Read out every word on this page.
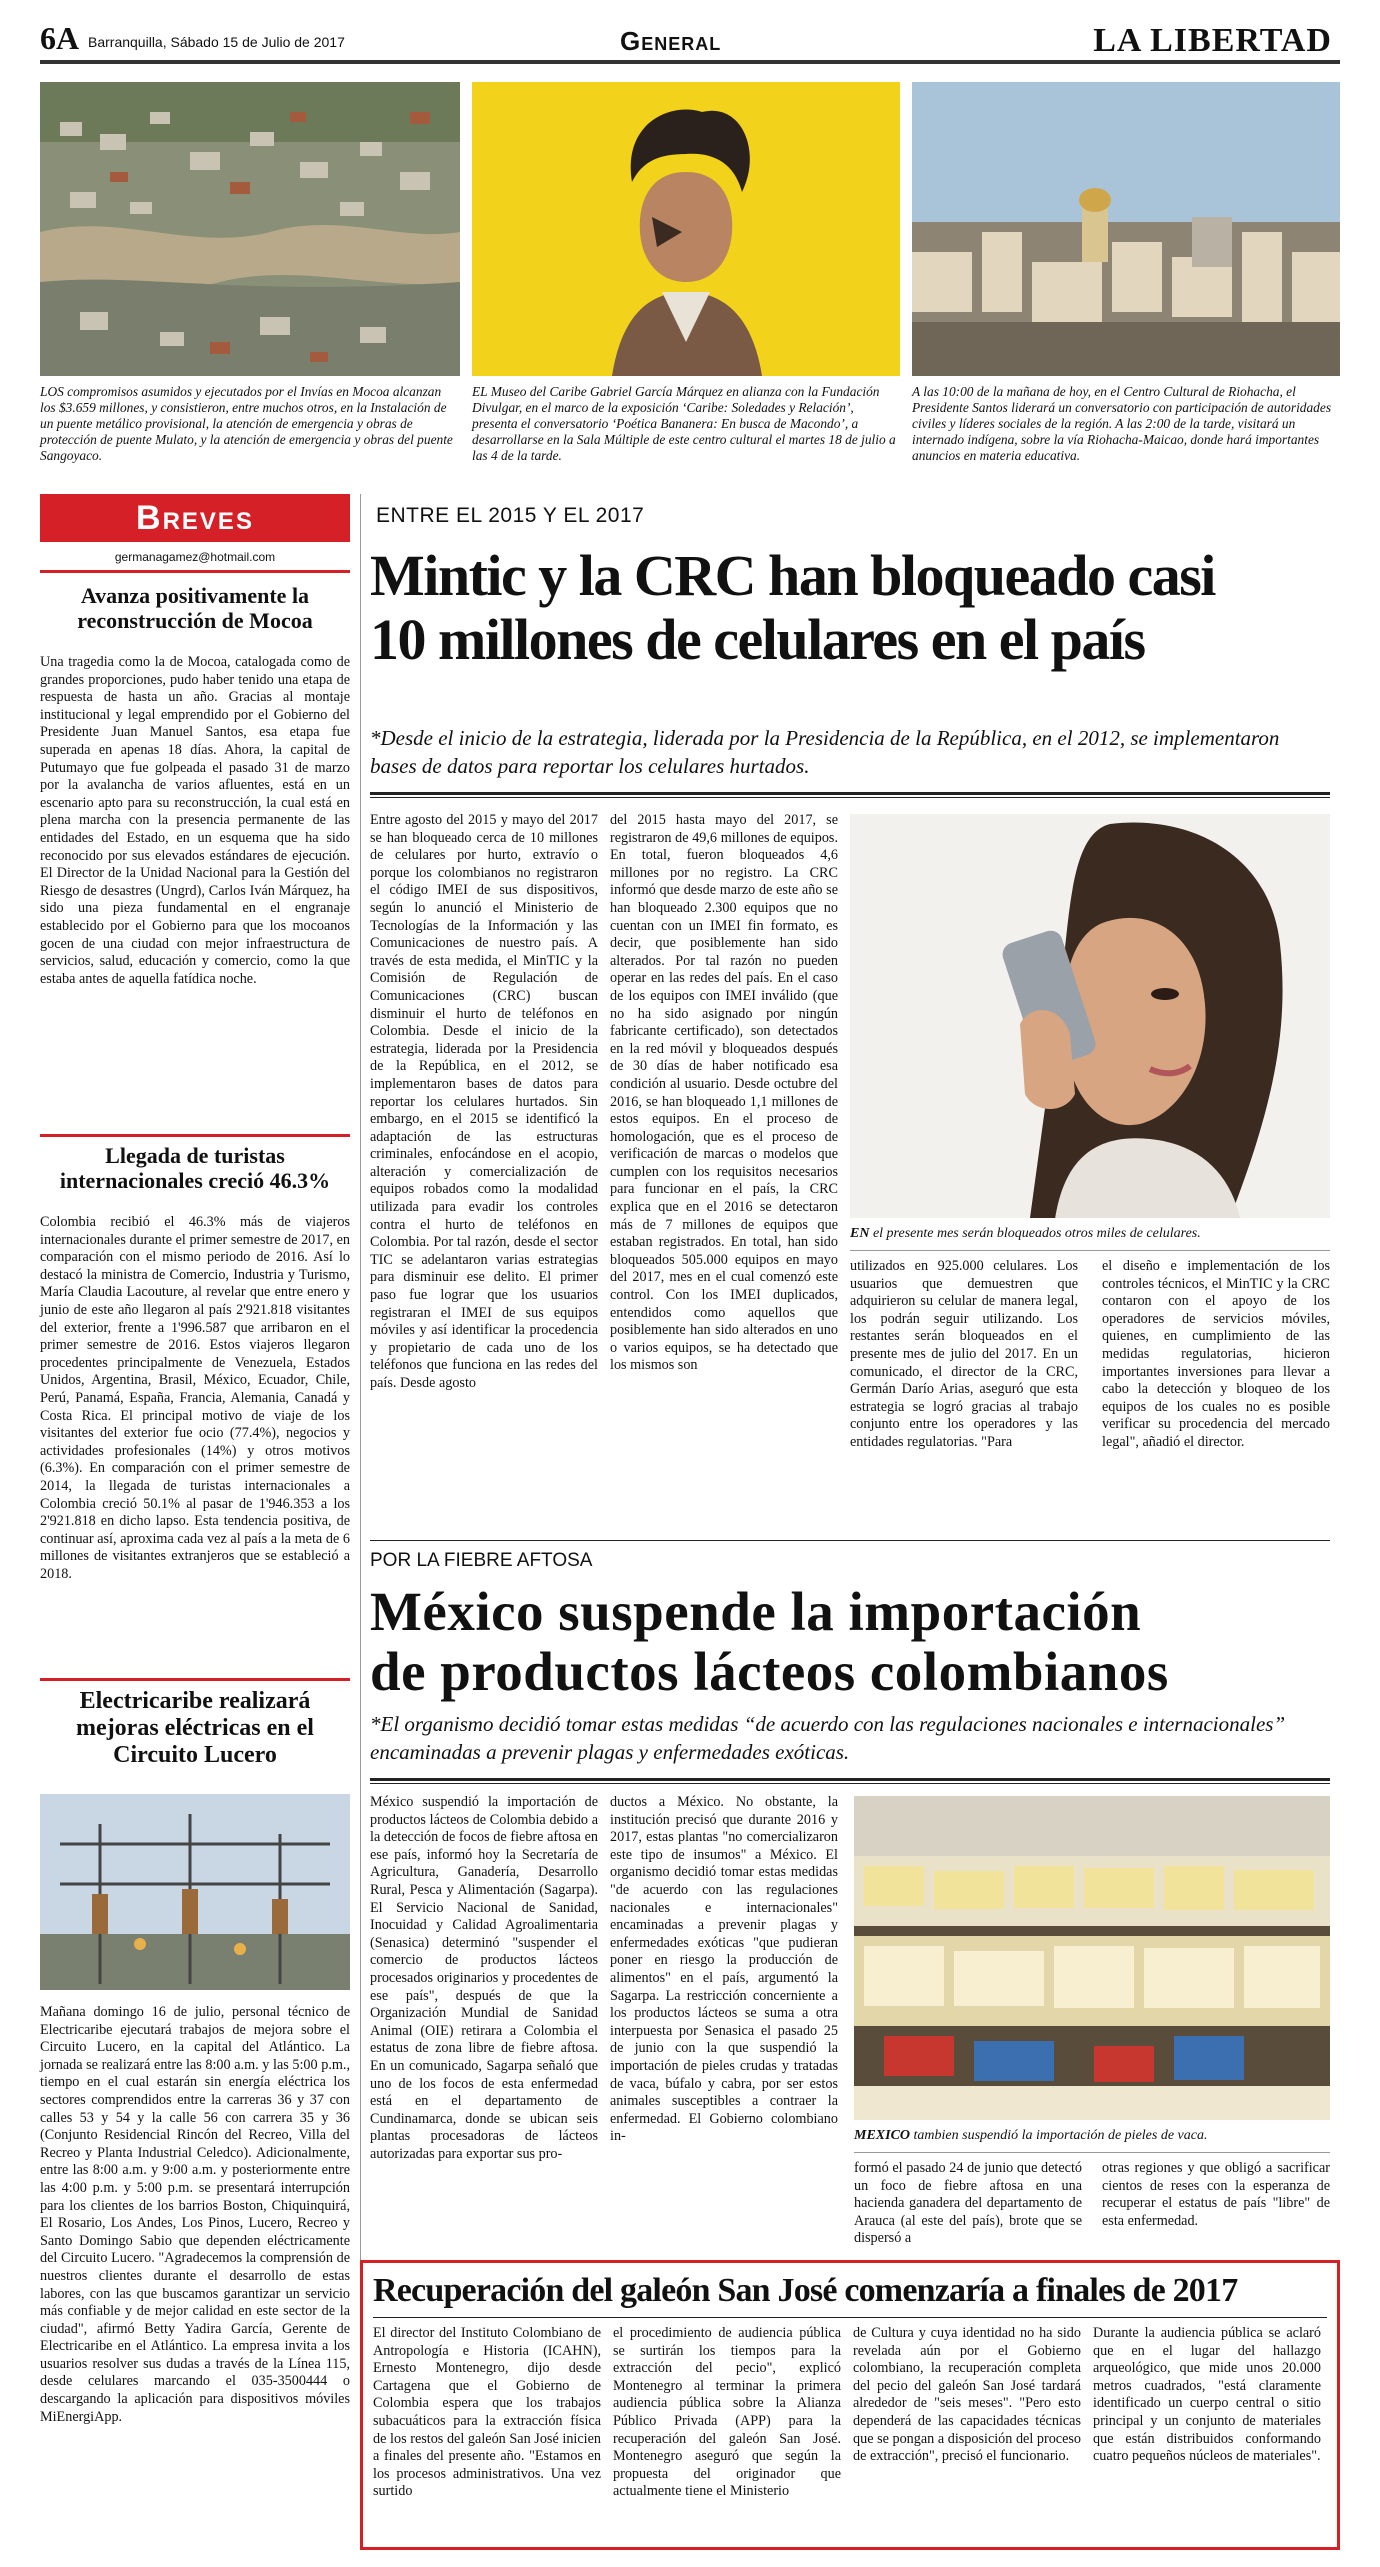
6A Barranquilla, Sábado 15 de Julio de 2017	General	LA LIBERTAD
LOS compromisos asumidos y ejecutados por el Invías en Mocoa alcanzan los $3.659 millones, y consistieron, entre muchos otros, en la Instalación de un puente metálico provisional, la atención de emergencia y obras de protección de puente Mulato, y la atención de emergencia y obras del puente Sangoyaco.
EL Museo del Caribe Gabriel García Márquez en alianza con la Fundación Divulgar, en el marco de la exposición ‘Caribe: Soledades y Relación’, presenta el conversatorio ‘Poética Bananera: En busca de Macondo’, a desarrollarse en la Sala Múltiple de este centro cultural el martes 18 de julio a las 4 de la tarde.
A las 10:00 de la mañana de hoy, en el Centro Cultural de Riohacha, el Presidente Santos liderará un conversatorio con participación de autoridades civiles y líderes sociales de la región. A las 2:00 de la tarde, visitará un internado indígena, sobre la vía Riohacha-Maicao, donde hará importantes anuncios en materia educativa.
Breves
germanagamez@hotmail.com
Avanza positivamente la reconstrucción de Mocoa
Una tragedia como la de Mocoa, catalogada como de grandes proporciones, pudo haber tenido una etapa de respuesta de hasta un año. Gracias al montaje institucional y legal emprendido por el Gobierno del Presidente Juan Manuel Santos, esa etapa fue superada en apenas 18 días. Ahora, la capital de Putumayo que fue golpeada el pasado 31 de marzo por la avalancha de varios afluentes, está en un escenario apto para su reconstrucción, la cual está en plena marcha con la presencia permanente de las entidades del Estado, en un esquema que ha sido reconocido por sus elevados estándares de ejecución. El Director de la Unidad Nacional para la Gestión del Riesgo de desastres (Ungrd), Carlos Iván Márquez, ha sido una pieza fundamental en el engranaje establecido por el Gobierno para que los mocoanos gocen de una ciudad con mejor infraestructura de servicios, salud, educación y comercio, como la que estaba antes de aquella fatídica noche.
Llegada de turistas internacionales creció 46.3%
Colombia recibió el 46.3% más de viajeros internacionales durante el primer semestre de 2017, en comparación con el mismo periodo de 2016. Así lo destacó la ministra de Comercio, Industria y Turismo, María Claudia Lacouture, al revelar que entre enero y junio de este año llegaron al país 2'921.818 visitantes del exterior, frente a 1'996.587 que arribaron en el primer semestre de 2016. Estos viajeros llegaron procedentes principalmente de Venezuela, Estados Unidos, Argentina, Brasil, México, Ecuador, Chile, Perú, Panamá, España, Francia, Alemania, Canadá y Costa Rica. El principal motivo de viaje de los visitantes del exterior fue ocio (77.4%), negocios y actividades profesionales (14%) y otros motivos (6.3%). En comparación con el primer semestre de 2014, la llegada de turistas internacionales a Colombia creció 50.1% al pasar de 1'946.353 a los 2'921.818 en dicho lapso. Esta tendencia positiva, de continuar así, aproxima cada vez al país a la meta de 6 millones de visitantes extranjeros que se estableció a 2018.
Electricaribe realizará mejoras eléctricas en el Circuito Lucero
Mañana domingo 16 de julio, personal técnico de Electricaribe ejecutará trabajos de mejora sobre el Circuito Lucero, en la capital del Atlántico. La jornada se realizará entre las 8:00 a.m. y las 5:00 p.m., tiempo en el cual estarán sin energía eléctrica los sectores comprendidos entre la carreras 36 y 37 con calles 53 y 54 y la calle 56 con carrera 35 y 36 (Conjunto Residencial Rincón del Recreo, Villa del Recreo y Planta Industrial Celedco). Adicionalmente, entre las 8:00 a.m. y 9:00 a.m. y posteriormente entre las 4:00 p.m. y 5:00 p.m. se presentará interrupción para los clientes de los barrios Boston, Chiquinquirá, El Rosario, Los Andes, Los Pinos, Lucero, Recreo y Santo Domingo Sabio que dependen eléctricamente del Circuito Lucero. "Agradecemos la comprensión de nuestros clientes durante el desarrollo de estas labores, con las que buscamos garantizar un servicio más confiable y de mejor calidad en este sector de la ciudad", afirmó Betty Yadira García, Gerente de Electricaribe en el Atlántico. La empresa invita a los usuarios resolver sus dudas a través de la Línea 115, desde celulares marcando el 035-3500444 o descargando la aplicación para dispositivos móviles MiEnergiApp.
ENTRE EL 2015 Y EL 2017
Mintic y la CRC han bloqueado casi
10 millones de celulares en el país
*Desde el inicio de la estrategia, liderada por la Presidencia de la República, en el 2012, se implementaron bases de datos para reportar los celulares hurtados.
Entre agosto del 2015 y mayo del 2017 se han bloqueado cerca de 10 millones de celulares por hurto, extravío o porque los colombianos no registraron el código IMEI de sus dispositivos, según lo anunció el Ministerio de Tecnologías de la Información y las Comunicaciones de nuestro país. A través de esta medida, el MinTIC y la Comisión de Regulación de Comunicaciones (CRC) buscan disminuir el hurto de teléfonos en Colombia. Desde el inicio de la estrategia, liderada por la Presidencia de la República, en el 2012, se implementaron bases de datos para reportar los celulares hurtados. Sin embargo, en el 2015 se identificó la adaptación de las estructuras criminales, enfocándose en el acopio, alteración y comercialización de equipos robados como la modalidad utilizada para evadir los controles contra el hurto de teléfonos en Colombia. Por tal razón, desde el sector TIC se adelantaron varias estrategias para disminuir ese delito. El primer paso fue lograr que los usuarios registraran el IMEI de sus equipos móviles y así identificar la procedencia y propietario de cada uno de los teléfonos que funciona en las redes del país. Desde agosto
del 2015 hasta mayo del 2017, se registraron de 49,6 millones de equipos. En total, fueron bloqueados 4,6 millones por no registro. La CRC informó que desde marzo de este año se han bloqueado 2.300 equipos que no cuentan con un IMEI fin formato, es decir, que posiblemente han sido alterados. Por tal razón no pueden operar en las redes del país. En el caso de los equipos con IMEI inválido (que no ha sido asignado por ningún fabricante certificado), son detectados en la red móvil y bloqueados después de 30 días de haber notificado esa condición al usuario. Desde octubre del 2016, se han bloqueado 1,1 millones de estos equipos. En el proceso de homologación, que es el proceso de verificación de marcas o modelos que cumplen con los requisitos necesarios para funcionar en el país, la CRC explica que en el 2016 se detectaron más de 7 millones de equipos que estaban registrados. En total, han sido bloqueados 505.000 equipos en mayo del 2017, mes en el cual comenzó este control. Con los IMEI duplicados, entendidos como aquellos que posiblemente han sido alterados en uno o varios equipos, se ha detectado que los mismos son
EN el presente mes serán bloqueados otros miles de celulares.
utilizados en 925.000 celulares. Los usuarios que demuestren que adquirieron su celular de manera legal, los podrán seguir utilizando. Los restantes serán bloqueados en el presente mes de julio del 2017. En un comunicado, el director de la CRC, Germán Darío Arias, aseguró que esta estrategia se logró gracias al trabajo conjunto entre los operadores y las entidades regulatorias. "Para
el diseño e implementación de los controles técnicos, el MinTIC y la CRC contaron con el apoyo de los operadores de servicios móviles, quienes, en cumplimiento de las medidas regulatorias, hicieron importantes inversiones para llevar a cabo la detección y bloqueo de los equipos de los cuales no es posible verificar su procedencia del mercado legal", añadió el director.
POR LA FIEBRE AFTOSA
México suspende la importación
de productos lácteos colombianos
*El organismo decidió tomar estas medidas “de acuerdo con las regulaciones nacionales e internacionales” encaminadas a prevenir plagas y enfermedades exóticas.
México suspendió la importación de productos lácteos de Colombia debido a la detección de focos de fiebre aftosa en ese país, informó hoy la Secretaría de Agricultura, Ganadería, Desarrollo Rural, Pesca y Alimentación (Sagarpa). El Servicio Nacional de Sanidad, Inocuidad y Calidad Agroalimentaria (Senasica) determinó "suspender el comercio de productos lácteos procesados originarios y procedentes de ese país", después de que la Organización Mundial de Sanidad Animal (OIE) retirara a Colombia el estatus de zona libre de fiebre aftosa. En un comunicado, Sagarpa señaló que uno de los focos de esta enfermedad está en el departamento de Cundinamarca, donde se ubican seis plantas procesadoras de lácteos autorizadas para exportar sus pro-
ductos a México. No obstante, la institución precisó que durante 2016 y 2017, estas plantas "no comercializaron este tipo de insumos" a México. El organismo decidió tomar estas medidas "de acuerdo con las regulaciones nacionales e internacionales" encaminadas a prevenir plagas y enfermedades exóticas "que pudieran poner en riesgo la producción de alimentos" en el país, argumentó la Sagarpa. La restricción concerniente a los productos lácteos se suma a otra interpuesta por Senasica el pasado 25 de junio con la que suspendió la importación de pieles crudas y tratadas de vaca, búfalo y cabra, por ser estos animales susceptibles a contraer la enfermedad. El Gobierno colombiano in-	MEXICO tambien suspendió la importación de pieles de vaca.
formó el pasado 24 de junio que detectó un foco de fiebre aftosa en una hacienda ganadera del departamento de Arauca (al este del país), brote que se dispersó a
otras regiones y que obligó a sacrificar cientos de reses con la esperanza de recuperar el estatus de país "libre" de esta enfermedad.
Recuperación del galeón San José comenzaría a finales de 2017
El director del Instituto Colombiano de Antropología e Historia (ICAHN), Ernesto Montenegro, dijo desde Cartagena que el Gobierno de Colombia espera que los trabajos subacuáticos para la extracción física de los restos del galeón San José inicien a finales del presente año. "Estamos en los procesos administrativos. Una vez surtido
el procedimiento de audiencia pública se surtirán los tiempos para la extracción del pecio", explicó Montenegro al terminar la primera audiencia pública sobre la Alianza Público Privada (APP) para la recuperación del galeón San José. Montenegro aseguró que según la propuesta del originador que actualmente tiene el Ministerio
de Cultura y cuya identidad no ha sido revelada aún por el Gobierno colombiano, la recuperación completa del pecio del galeón San José tardará alrededor de "seis meses". "Pero esto dependerá de las capacidades técnicas que se pongan a disposición del proceso de extracción", precisó el funcionario.
Durante la audiencia pública se aclaró que en el lugar del hallazgo arqueológico, que mide unos 20.000 metros cuadrados, "está claramente identificado un cuerpo central o sitio principal y un conjunto de materiales que están distribuidos conformando cuatro pequeños núcleos de materiales".
